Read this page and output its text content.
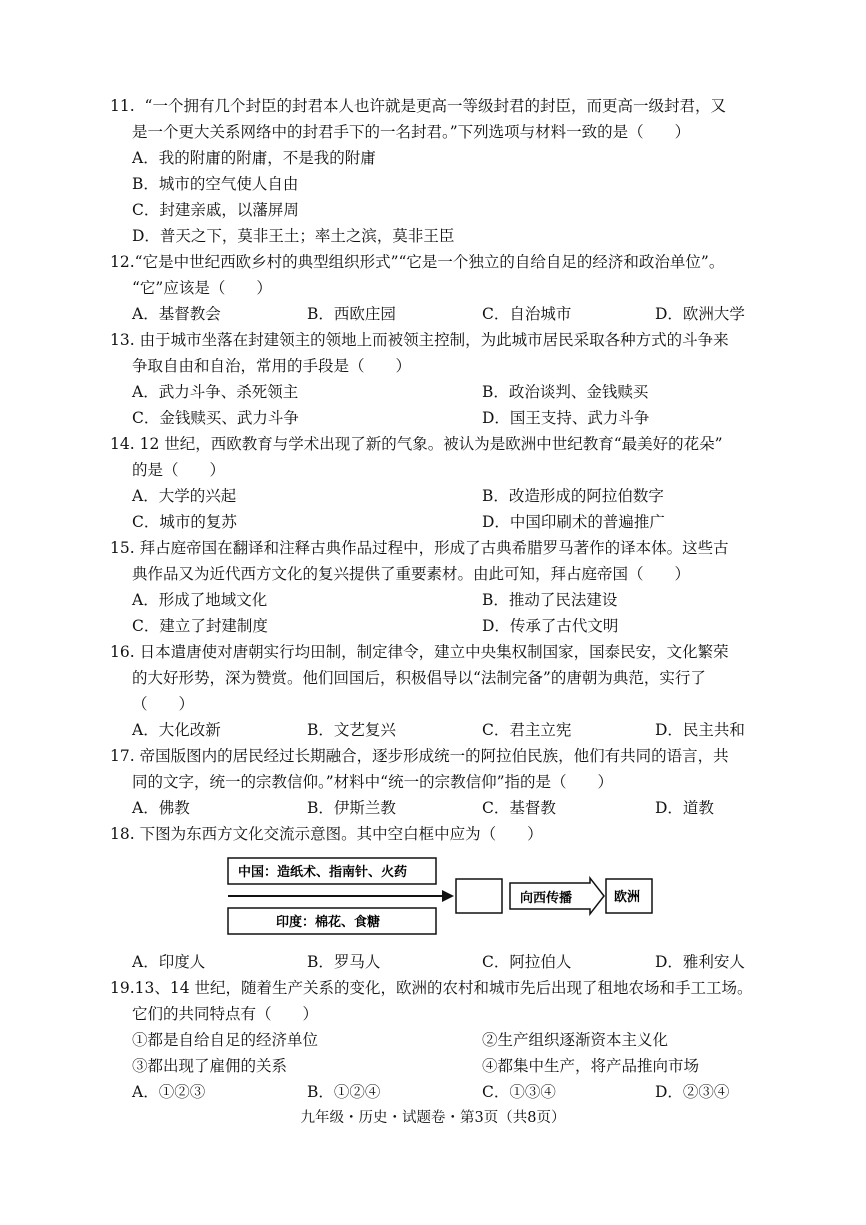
11. “一个拥有几个封臣的封君本人也许就是更高一等级封君的封臣，而更高一级封君，又
是一个更大关系网络中的封君手下的一名封君。”下列选项与材料一致的是（　　）
A．我的附庸的附庸，不是我的附庸
B．城市的空气使人自由
C．封建亲戚，以藩屏周
D．普天之下，莫非王土；率土之滨，莫非王臣
12.“它是中世纪西欧乡村的典型组织形式”“它是一个独立的自给自足的经济和政治单位”。
“它”应该是（　　）
A．基督教会	B．西欧庄园	C．自治城市	D．欧洲大学
13. 由于城市坐落在封建领主的领地上而被领主控制，为此城市居民采取各种方式的斗争来
争取自由和自治，常用的手段是（　　）
A．武力斗争、杀死领主	B．政治谈判、金钱赎买
C．金钱赎买、武力斗争	D．国王支持、武力斗争
14. 12 世纪，西欧教育与学术出现了新的气象。被认为是欧洲中世纪教育“最美好的花朵”
的是（　　）
A．大学的兴起	B．改造形成的阿拉伯数字
C．城市的复苏	D．中国印刷术的普遍推广
15. 拜占庭帝国在翻译和注释古典作品过程中，形成了古典希腊罗马著作的译本体。这些古
典作品又为近代西方文化的复兴提供了重要素材。由此可知，拜占庭帝国（　　）
A．形成了地域文化	B．推动了民法建设
C．建立了封建制度	D．传承了古代文明
16. 日本遣唐使对唐朝实行均田制，制定律令，建立中央集权制国家，国泰民安，文化繁荣
的大好形势，深为赞赏。他们回国后，积极倡导以“法制完备”的唐朝为典范，实行了
（　　）
A．大化改新	B．文艺复兴	C．君主立宪	D．民主共和
17. 帝国版图内的居民经过长期融合，逐步形成统一的阿拉伯民族，他们有共同的语言，共
同的文字，统一的宗教信仰。”材料中“统一的宗教信仰”指的是（　　）
A．佛教	B．伊斯兰教	C．基督教	D．道教
18. 下图为东西方文化交流示意图。其中空白框中应为（　　）
中国：造纸术、指南针、火药
印度：棉花、食糖
向西传播	欧洲
A．印度人	B．罗马人	C．阿拉伯人	D．雅利安人
19.13、14 世纪，随着生产关系的变化，欧洲的农村和城市先后出现了租地农场和手工工场。
它们的共同特点有（　　）
①都是自给自足的经济单位	②生产组织逐渐资本主义化
③都出现了雇佣的关系	④都集中生产，将产品推向市场
A．①②③	B．①②④	C．①③④	D．②③④
九年级・历史・试题卷・第3页（共8页）
